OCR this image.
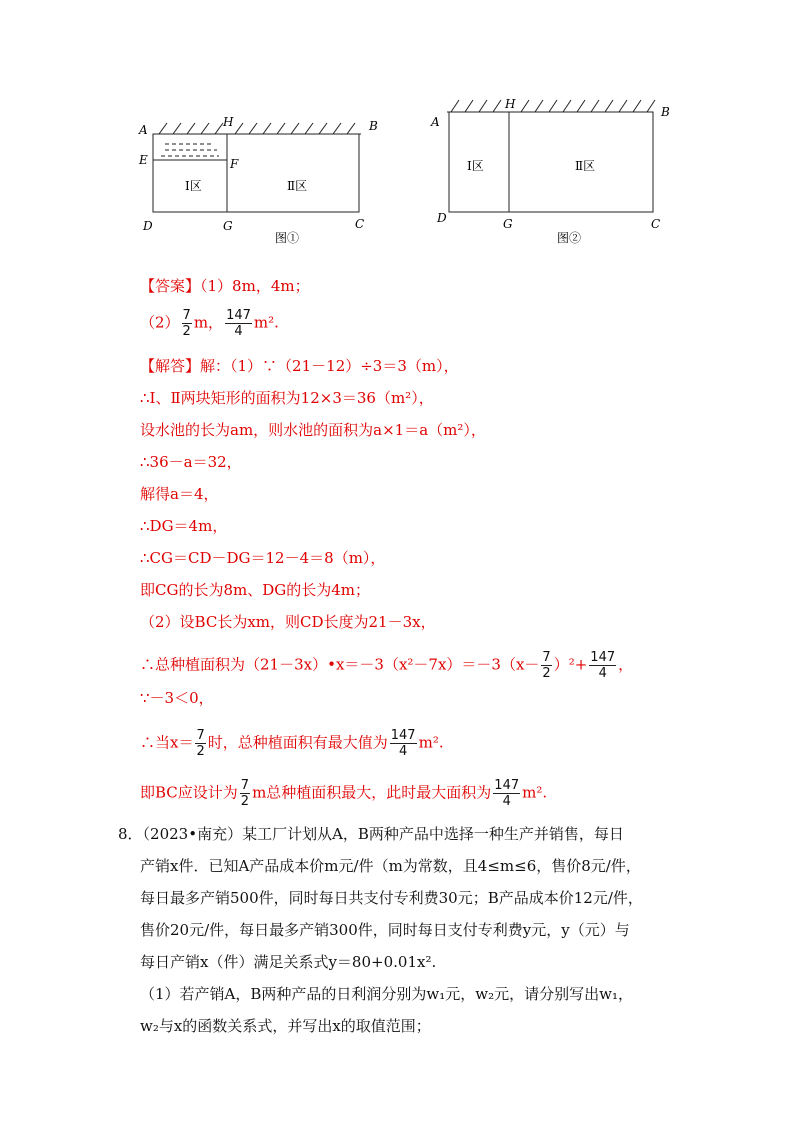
A
H	B
E	F
D	G	C
Ⅰ区	Ⅱ区
图①
A
H
B
D	G	C
Ⅰ区	Ⅱ区
图②
【答案】（1）8m，4m；
$(2) \frac{7}{2}$ m， $\frac{147}{4} m^2$.
【解答】解：（1）∵（21－12）÷3＝3（m），
∴Ⅰ、Ⅱ两块矩形的面积为12×3＝36（m²），
设水池的长为am，则水池的面积为a×1＝a（m²），
∴36－a＝32，
解得a＝4，
∴DG＝4m，
∴CG＝CD－DG＝12－4＝8（m），
即CG的长为8m、DG的长为4m；
（2）设BC长为xm，则CD长度为21－3x，
∴总种植面积为（21－3x）•x＝－3（x²－7x）＝－3（x－ $\frac{7}{2} )^2+ \frac{147}{4}$ ，
∵－3＜0，
∴当$x= \frac{7}{2}$ 时，总种植面积有最大值为 $\frac{147}{4} m^2$.
即BC应设计为 $\frac{7}{2}$ m总种植面积最大，此时最大面积为 $\frac{147}{4} m^2$.
8．（2023•南充）某工厂计划从A，B两种产品中选择一种生产并销售，每日
产销x件．已知A产品成本价m元/件（m为常数，且4≤m≤6，售价8元/件，
每日最多产销500件，同时每日共支付专利费30元；B产品成本价12元/件，
售价20元/件，每日最多产销300件，同时每日支付专利费y元，y（元）与
每日产销x（件）满足关系式y＝80+0.01x².
（1）若产销A，B两种产品的日利润分别为w₁元，w₂元，请分别写出w₁，
w₂与x的函数关系式，并写出x的取值范围；
